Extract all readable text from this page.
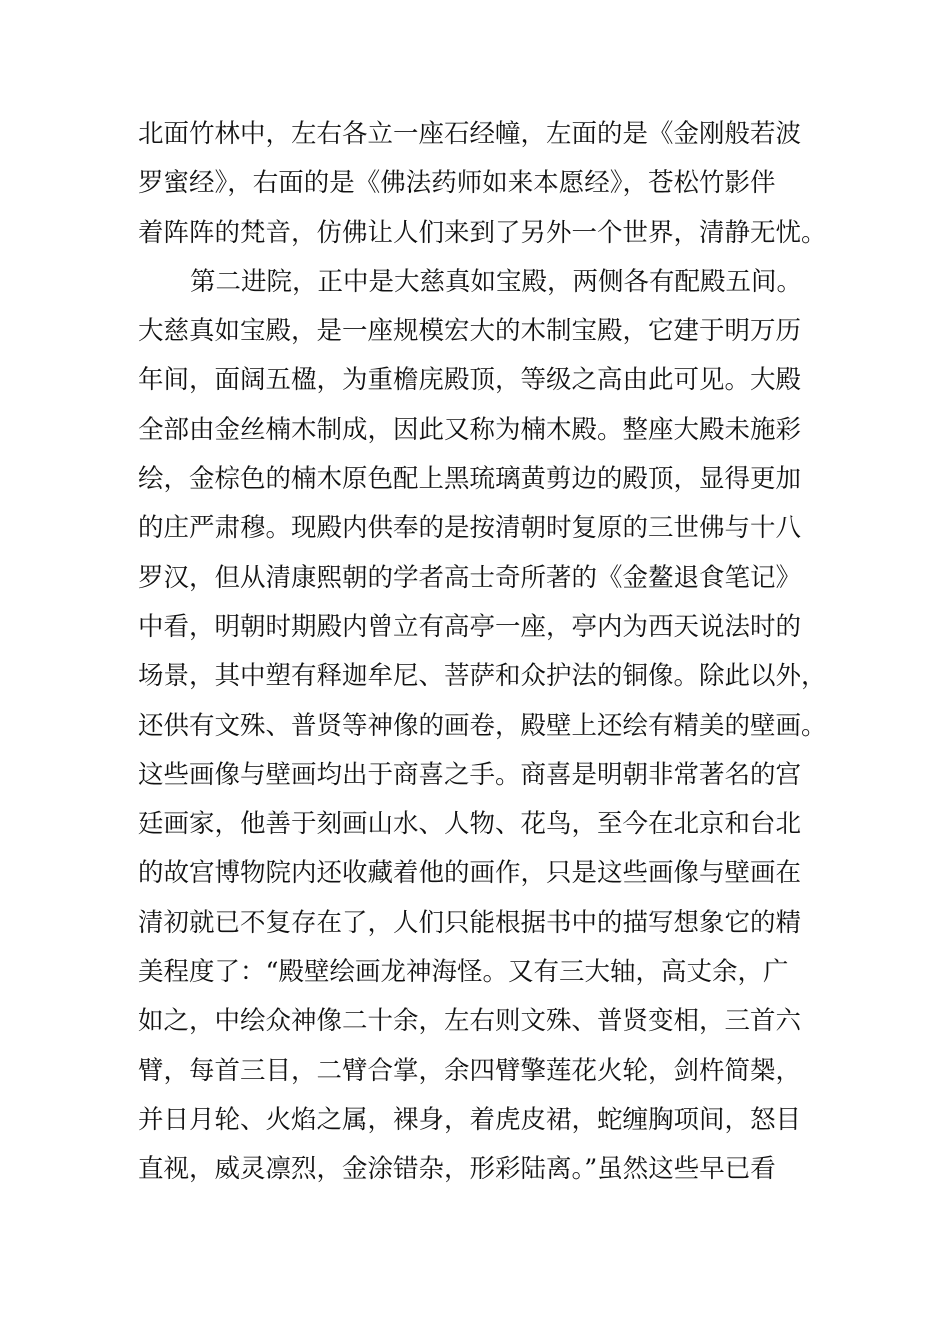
北面竹林中，左右各立一座石经幢，左面的是《金刚般若波
罗蜜经》，右面的是《佛法药师如来本愿经》，苍松竹影伴
着阵阵的梵音，仿佛让人们来到了另外一个世界，清静无忧。
第二进院，正中是大慈真如宝殿，两侧各有配殿五间。
大慈真如宝殿，是一座规模宏大的木制宝殿，它建于明万历
年间，面阔五楹，为重檐庑殿顶，等级之高由此可见。大殿
全部由金丝楠木制成，因此又称为楠木殿。整座大殿未施彩
绘，金棕色的楠木原色配上黑琉璃黄剪边的殿顶，显得更加
的庄严肃穆。现殿内供奉的是按清朝时复原的三世佛与十八
罗汉，但从清康熙朝的学者高士奇所著的《金鳌退食笔记》
中看，明朝时期殿内曾立有高亭一座，亭内为西天说法时的
场景，其中塑有释迦牟尼、菩萨和众护法的铜像。除此以外，
还供有文殊、普贤等神像的画卷，殿壁上还绘有精美的壁画。
这些画像与壁画均出于商喜之手。商喜是明朝非常著名的宫
廷画家，他善于刻画山水、人物、花鸟，至今在北京和台北
的故宫博物院内还收藏着他的画作，只是这些画像与壁画在
清初就已不复存在了，人们只能根据书中的描写想象它的精
美程度了：“殿壁绘画龙神海怪。又有三大轴，高丈余，广
如之，中绘众神像二十余，左右则文殊、普贤变相，三首六
臂，每首三目，二臂合掌，余四臂擎莲花火轮，剑杵简椝，
并日月轮、火焰之属，裸身，着虎皮裙，蛇缠胸项间，怒目
直视，威灵凛烈，金涂错杂，形彩陆离。”虽然这些早已看
